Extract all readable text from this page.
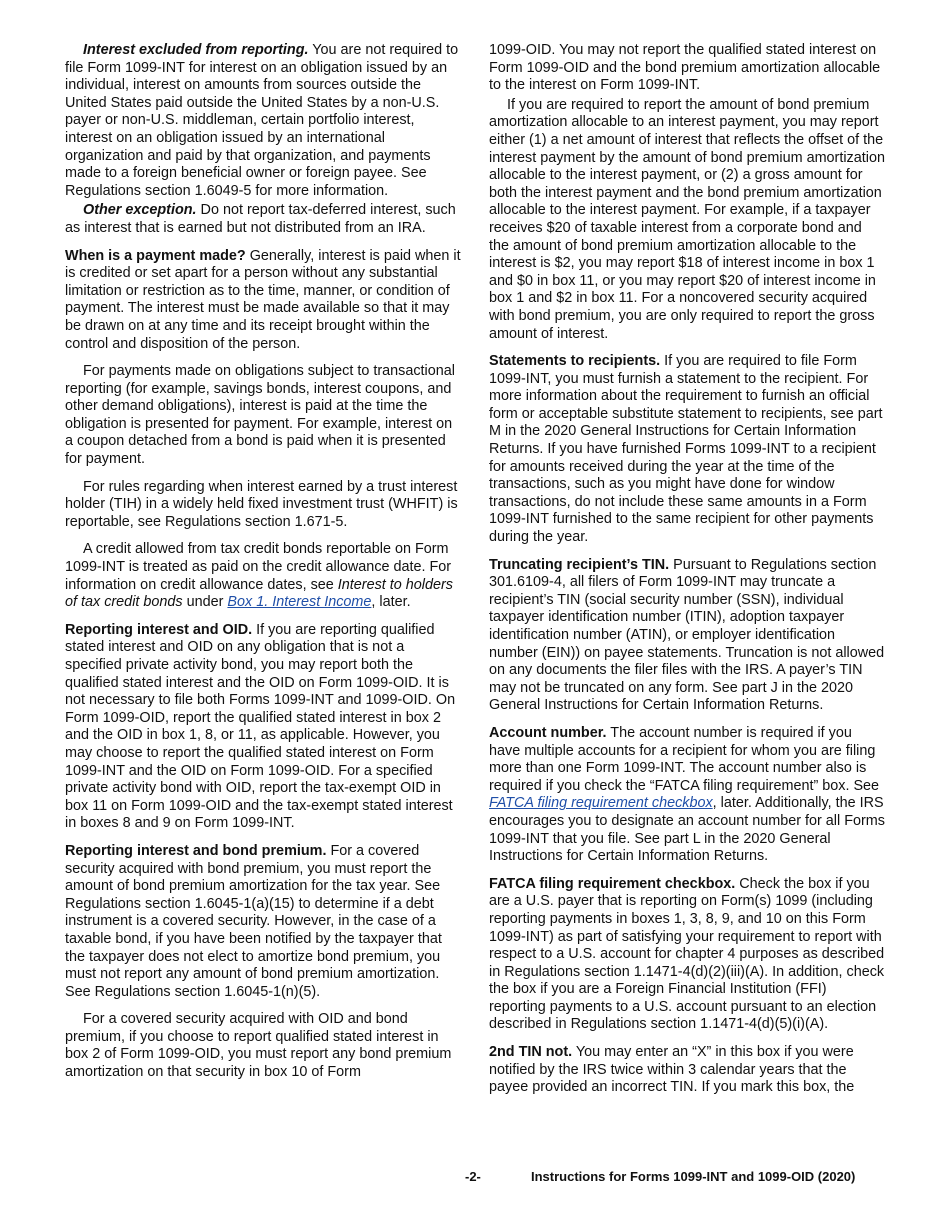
Interest excluded from reporting. You are not required to file Form 1099-INT for interest on an obligation issued by an individual, interest on amounts from sources outside the United States paid outside the United States by a non-U.S. payer or non-U.S. middleman, certain portfolio interest, interest on an obligation issued by an international organization and paid by that organization, and payments made to a foreign beneficial owner or foreign payee. See Regulations section 1.6049-5 for more information.

Other exception. Do not report tax-deferred interest, such as interest that is earned but not distributed from an IRA.

When is a payment made? Generally, interest is paid when it is credited or set apart for a person without any substantial limitation or restriction as to the time, manner, or condition of payment. The interest must be made available so that it may be drawn on at any time and its receipt brought within the control and disposition of the person.

For payments made on obligations subject to transactional reporting (for example, savings bonds, interest coupons, and other demand obligations), interest is paid at the time the obligation is presented for payment. For example, interest on a coupon detached from a bond is paid when it is presented for payment.

For rules regarding when interest earned by a trust interest holder (TIH) in a widely held fixed investment trust (WHFIT) is reportable, see Regulations section 1.671-5.

A credit allowed from tax credit bonds reportable on Form 1099-INT is treated as paid on the credit allowance date. For information on credit allowance dates, see Interest to holders of tax credit bonds under Box 1. Interest Income, later.

Reporting interest and OID. If you are reporting qualified stated interest and OID on any obligation that is not a specified private activity bond, you may report both the qualified stated interest and the OID on Form 1099-OID. It is not necessary to file both Forms 1099-INT and 1099-OID. On Form 1099-OID, report the qualified stated interest in box 2 and the OID in box 1, 8, or 11, as applicable. However, you may choose to report the qualified stated interest on Form 1099-INT and the OID on Form 1099-OID. For a specified private activity bond with OID, report the tax-exempt OID in box 11 on Form 1099-OID and the tax-exempt stated interest in boxes 8 and 9 on Form 1099-INT.

Reporting interest and bond premium. For a covered security acquired with bond premium, you must report the amount of bond premium amortization for the tax year. See Regulations section 1.6045-1(a)(15) to determine if a debt instrument is a covered security. However, in the case of a taxable bond, if you have been notified by the taxpayer that the taxpayer does not elect to amortize bond premium, you must not report any amount of bond premium amortization. See Regulations section 1.6045-1(n)(5).

For a covered security acquired with OID and bond premium, if you choose to report qualified stated interest in box 2 of Form 1099-OID, you must report any bond premium amortization on that security in box 10 of Form

1099-OID. You may not report the qualified stated interest on Form 1099-OID and the bond premium amortization allocable to the interest on Form 1099-INT.

If you are required to report the amount of bond premium amortization allocable to an interest payment, you may report either (1) a net amount of interest that reflects the offset of the interest payment by the amount of bond premium amortization allocable to the interest payment, or (2) a gross amount for both the interest payment and the bond premium amortization allocable to the interest payment. For example, if a taxpayer receives $20 of taxable interest from a corporate bond and the amount of bond premium amortization allocable to the interest is $2, you may report $18 of interest income in box 1 and $0 in box 11, or you may report $20 of interest income in box 1 and $2 in box 11. For a noncovered security acquired with bond premium, you are only required to report the gross amount of interest.

Statements to recipients. If you are required to file Form 1099-INT, you must furnish a statement to the recipient. For more information about the requirement to furnish an official form or acceptable substitute statement to recipients, see part M in the 2020 General Instructions for Certain Information Returns. If you have furnished Forms 1099-INT to a recipient for amounts received during the year at the time of the transactions, such as you might have done for window transactions, do not include these same amounts in a Form 1099-INT furnished to the same recipient for other payments during the year.

Truncating recipient’s TIN. Pursuant to Regulations section 301.6109-4, all filers of Form 1099-INT may truncate a recipient’s TIN (social security number (SSN), individual taxpayer identification number (ITIN), adoption taxpayer identification number (ATIN), or employer identification number (EIN)) on payee statements. Truncation is not allowed on any documents the filer files with the IRS. A payer’s TIN may not be truncated on any form. See part J in the 2020 General Instructions for Certain Information Returns.

Account number. The account number is required if you have multiple accounts for a recipient for whom you are filing more than one Form 1099-INT. The account number also is required if you check the “FATCA filing requirement” box. See FATCA filing requirement checkbox, later. Additionally, the IRS encourages you to designate an account number for all Forms 1099-INT that you file. See part L in the 2020 General Instructions for Certain Information Returns.

FATCA filing requirement checkbox. Check the box if you are a U.S. payer that is reporting on Form(s) 1099 (including reporting payments in boxes 1, 3, 8, 9, and 10 on this Form 1099-INT) as part of satisfying your requirement to report with respect to a U.S. account for chapter 4 purposes as described in Regulations section 1.1471-4(d)(2)(iii)(A). In addition, check the box if you are a Foreign Financial Institution (FFI) reporting payments to a U.S. account pursuant to an election described in Regulations section 1.1471-4(d)(5)(i)(A).

2nd TIN not. You may enter an “X” in this box if you were notified by the IRS twice within 3 calendar years that the payee provided an incorrect TIN. If you mark this box, the

-2-	Instructions for Forms 1099-INT and 1099-OID (2020)
